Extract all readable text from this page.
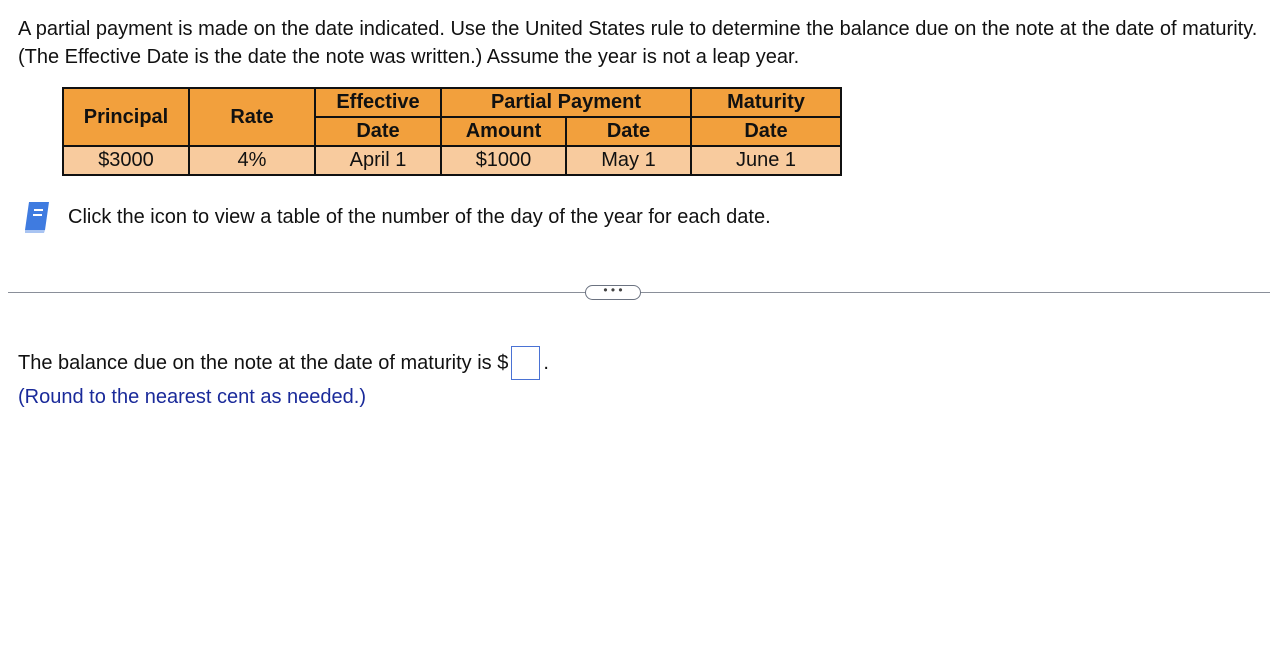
A partial payment is made on the date indicated. Use the United States rule to determine the balance due on the note at the date of maturity. (The Effective Date is the date the note was written.) Assume the year is not a leap year.
Principal	Rate	Effective	Partial Payment		Maturity
		Date	Amount	Date	Date
$3000	4%	April 1	$1000	May 1	June 1
Click the icon to view a table of the number of the day of the year for each date.
• • •
The balance due on the note at the date of maturity is $ .
(Round to the nearest cent as needed.)
